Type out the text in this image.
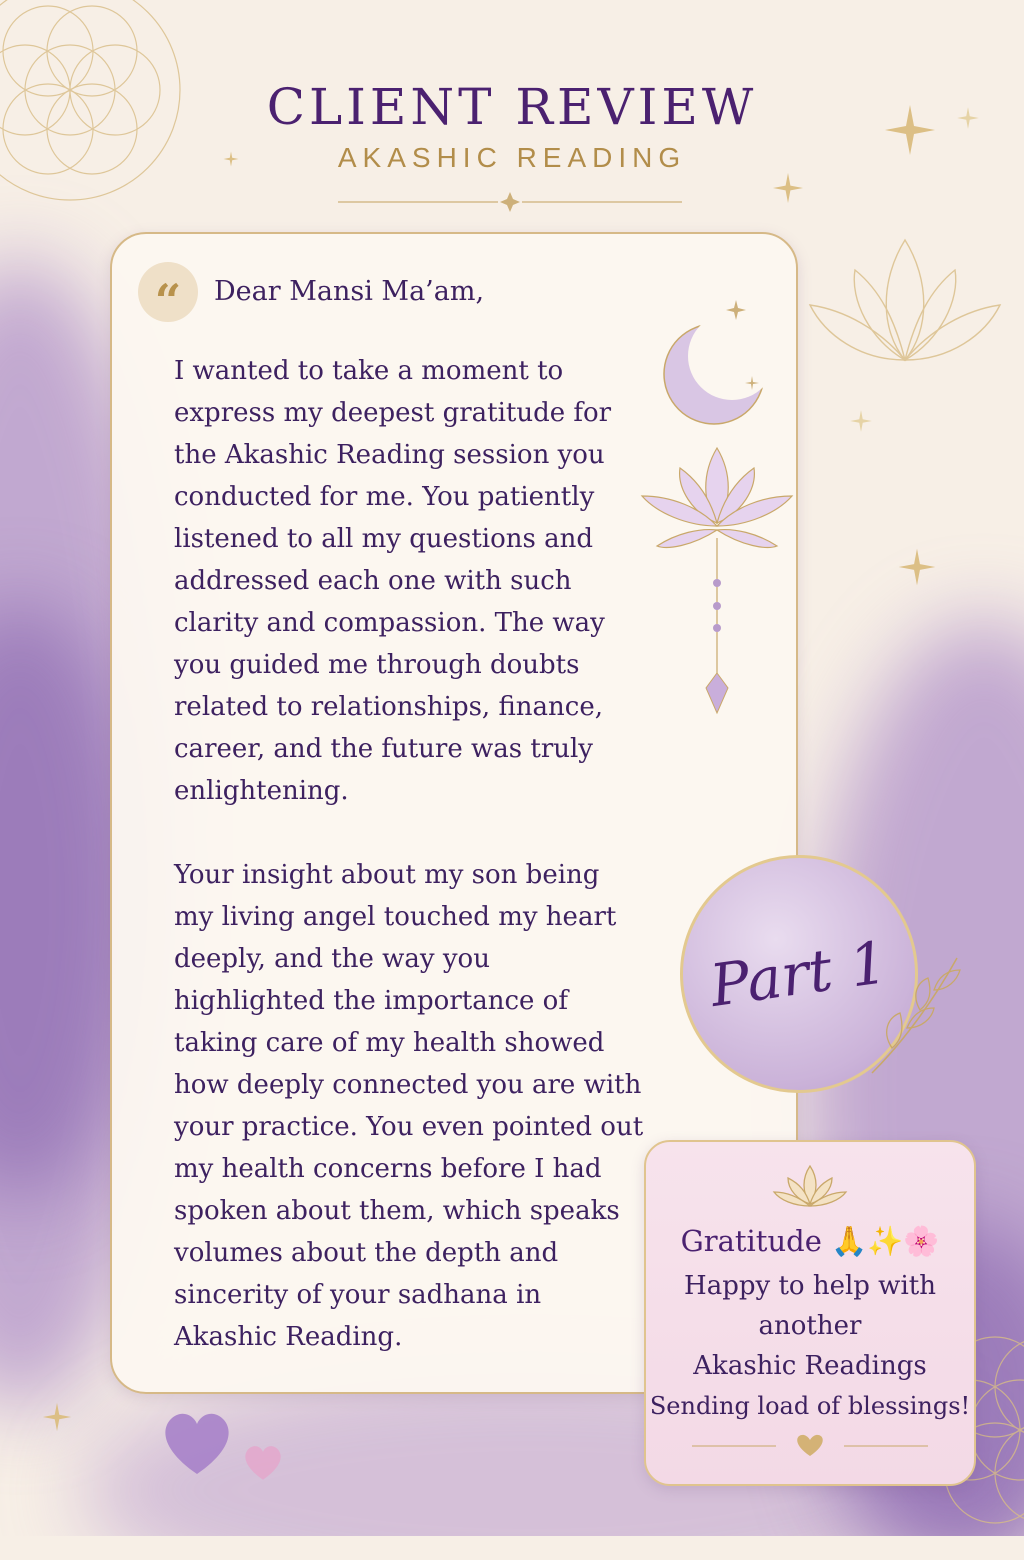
CLIENT REVIEW
AKASHIC READING
“ Dear Mansi Ma’am,

I wanted to take a moment to express my deepest gratitude for the Akashic Reading session you conducted for me. You patiently listened to all my questions and addressed each one with such clarity and compassion. The way you guided me through doubts related to relationships, finance, career, and the future was truly enlightening.

Your insight about my son being my living angel touched my heart deeply, and the way you highlighted the importance of taking care of my health showed how deeply connected you are with your practice. You even pointed out my health concerns before I had spoken about them, which speaks volumes about the depth and sincerity of your sadhana in Akashic Reading.

Part 1
Gratitude 🙏✨🌸
Happy to help with
another
Akashic Readings
Sending load of blessings!
